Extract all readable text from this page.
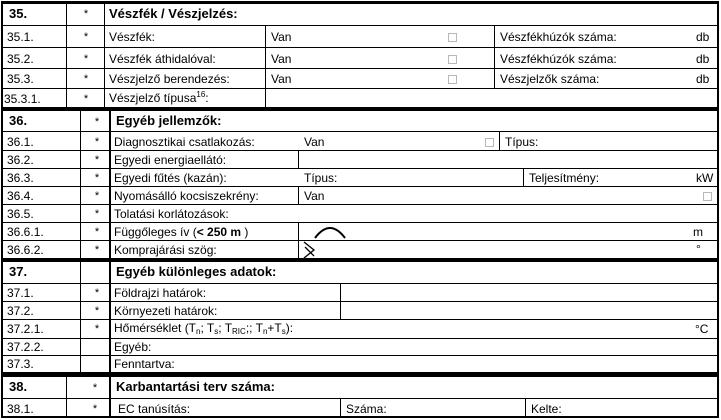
35.	*	Vészfék / Vészjelzés:
35.1.	*	Vészfék:	Van	Vészfékhúzók száma:	db
35.2.	*	Vészfék áthidalóval:	Van	Vészfékhúzók száma:	db
35.3.	*	Vészjelző berendezés:	Van	Vészjelzők száma:	db
35.3.1.	*	Vészjelző típusa$^{16}$:
36.	*	Egyéb jellemzők:
36.1.	*	Diagnosztikai csatlakozás:	Van	Típus:
36.2.	*	Egyedi energiaellátó:
36.3.	*	Egyedi fűtés (kazán):	Típus:	Teljesítmény:	kW
36.4.	*	Nyomásálló kocsiszekrény:	Van
36.5.	*	Tolatási korlátozások:
36.6.1.	*	Függőleges ív (< 250 m )	m
36.6.2.	*	Komprajárási szög:	°
37.	Egyéb különleges adatok:
37.1.	*	Földrajzi határok:
37.2.	*	Környezeti határok:
37.2.1.	*	Hőmérséklet ($T_n$; $T_s$; $T_{RIC}$;; $T_n+T_s$):	°C
37.2.2.	Egyéb:
37.3.	Fenntartva:
38.	*	Karbantartási terv száma:
38.1.	*	EC tanúsítás:	Száma:	Kelte:
